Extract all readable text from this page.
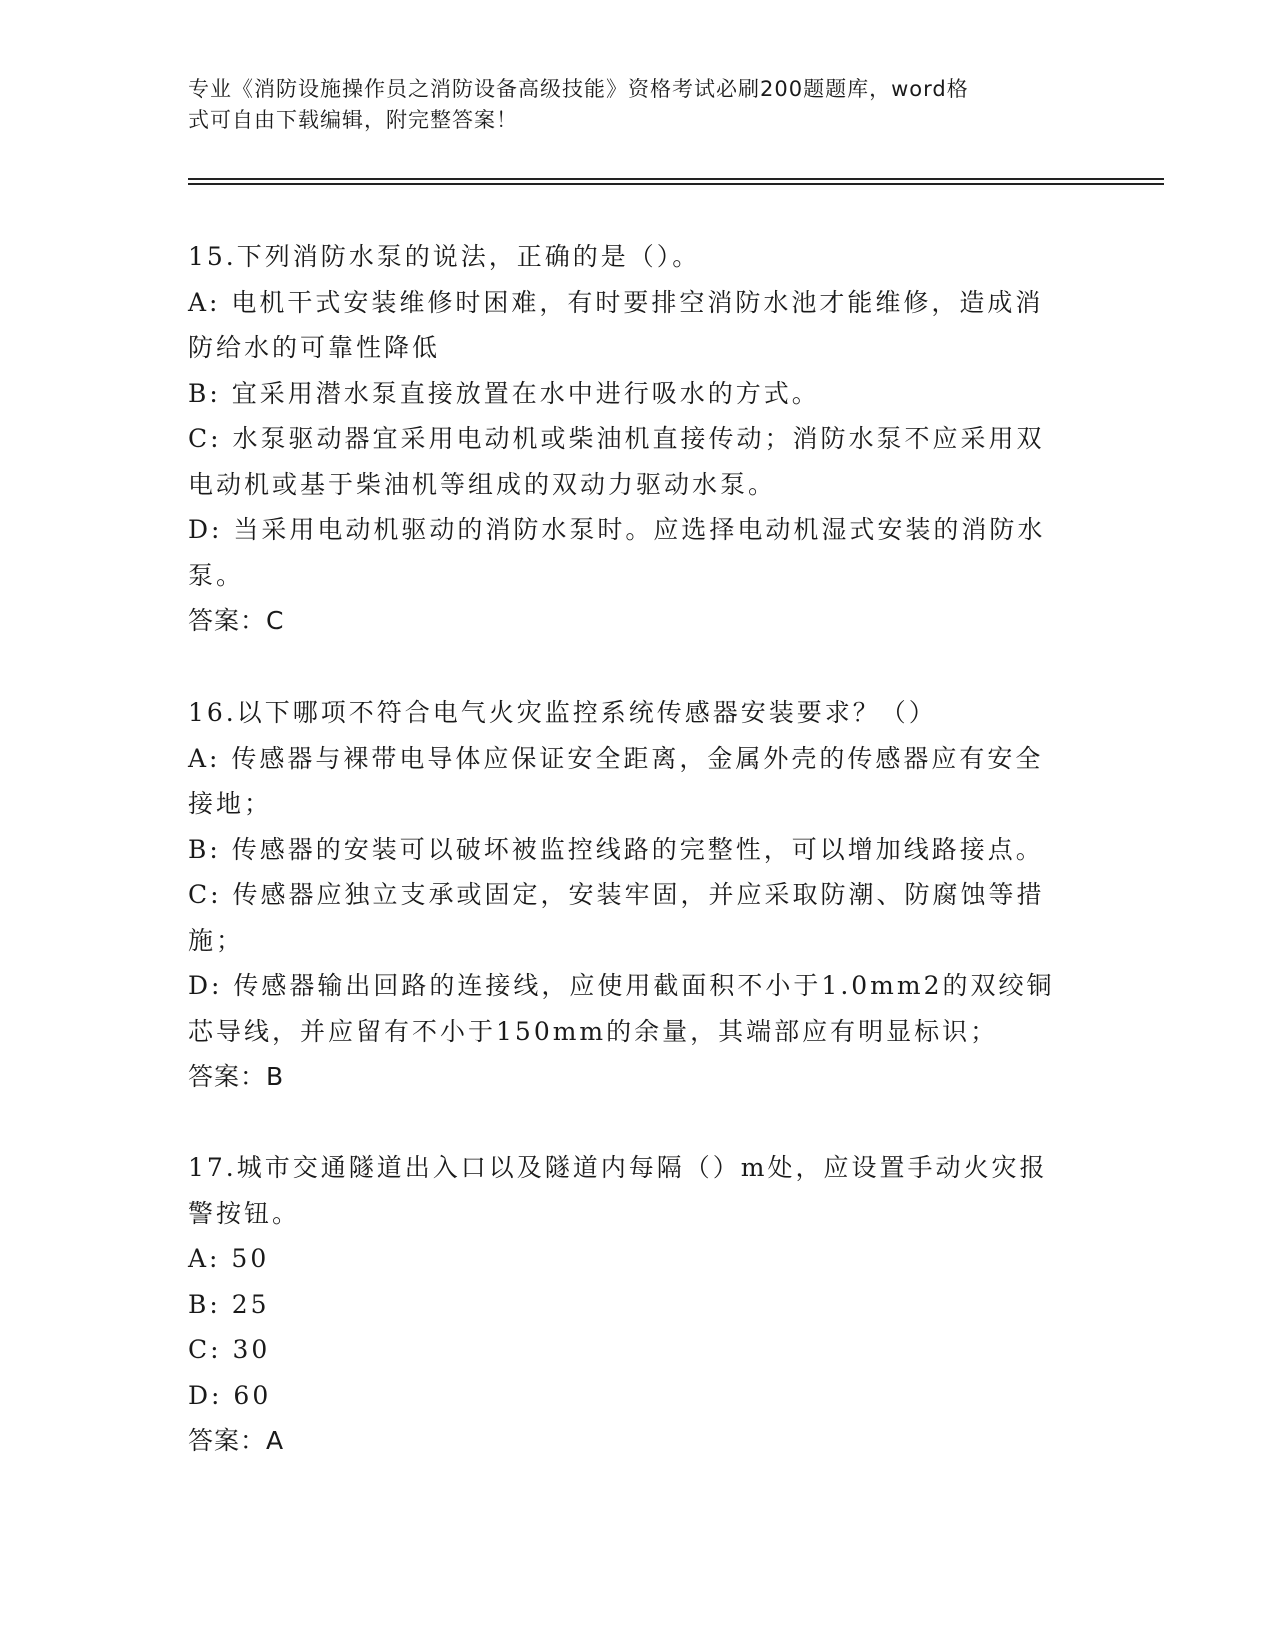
专业《消防设施操作员之消防设备高级技能》资格考试必刷200题题库，word格
式可自由下载编辑，附完整答案！
15.下列消防水泵的说法，正确的是（）。
A: 电机干式安装维修时困难，有时要排空消防水池才能维修，造成消
防给水的可靠性降低
B: 宜采用潜水泵直接放置在水中进行吸水的方式。
C: 水泵驱动器宜采用电动机或柴油机直接传动；消防水泵不应采用双
电动机或基于柴油机等组成的双动力驱动水泵。
D: 当采用电动机驱动的消防水泵时。应选择电动机湿式安装的消防水
泵。
答案：C
16.以下哪项不符合电气火灾监控系统传感器安装要求？（）
A: 传感器与裸带电导体应保证安全距离，金属外壳的传感器应有安全
接地；
B: 传感器的安装可以破坏被监控线路的完整性，可以增加线路接点。
C: 传感器应独立支承或固定，安装牢固，并应采取防潮、防腐蚀等措
施；
D: 传感器输出回路的连接线，应使用截面积不小于1.0mm2的双绞铜
芯导线，并应留有不小于150mm的余量，其端部应有明显标识；
答案：B
17.城市交通隧道出入口以及隧道内每隔（）m处，应设置手动火灾报
警按钮。
A: 50
B: 25
C: 30
D: 60
答案：A
